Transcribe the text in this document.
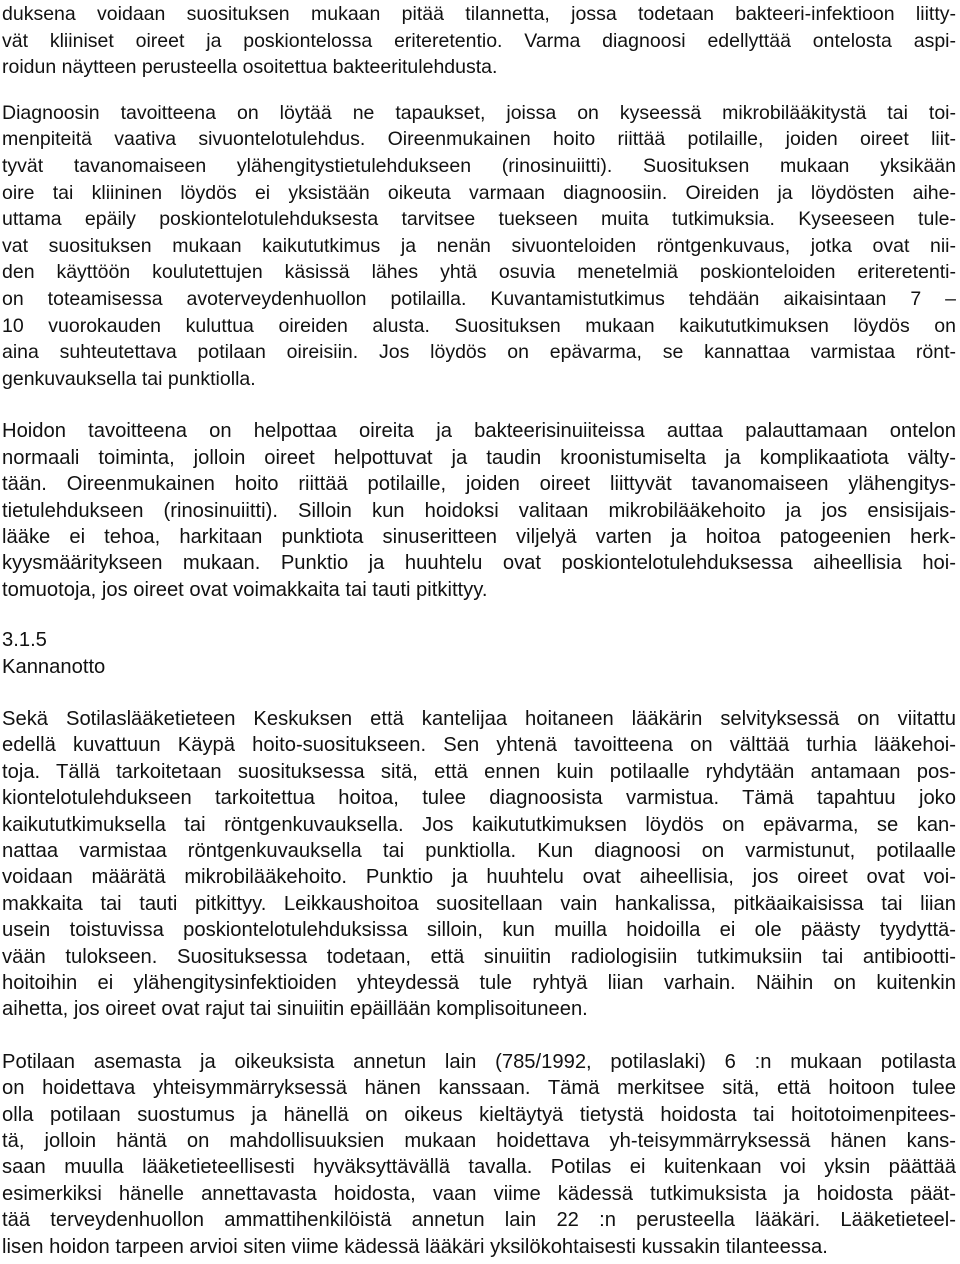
duksena voidaan suosituksen mukaan pitää tilannetta, jossa todetaan bakteeri-infektioon liitty-
vät kliiniset oireet ja poskiontelossa eriteretentio. Varma diagnoosi edellyttää ontelosta aspi-
roidun näytteen perusteella osoitettua bakteeritulehdusta.
Diagnoosin tavoitteena on löytää ne tapaukset, joissa on kyseessä mikrobilääkitystä tai toi-
menpiteitä vaativa sivuontelotulehdus. Oireenmukainen hoito riittää potilaille, joiden oireet liit-
tyvät tavanomaiseen ylähengitystietulehdukseen (rinosinuiitti). Suosituksen mukaan yksikään
oire tai kliininen löydös ei yksistään oikeuta varmaan diagnoosiin. Oireiden ja löydösten aihe-
uttama epäily poskiontelotulehduksesta tarvitsee tuekseen muita tutkimuksia. Kyseeseen tule-
vat suosituksen mukaan kaikututkimus ja nenän sivuonteloiden röntgenkuvaus, jotka ovat nii-
den käyttöön koulutettujen käsissä lähes yhtä osuvia menetelmiä poskionteloiden eriteretenti-
on toteamisessa avoterveydenhuollon potilailla. Kuvantamistutkimus tehdään aikaisintaan 7 –
10 vuorokauden kuluttua oireiden alusta. Suosituksen mukaan kaikututkimuksen löydös on
aina suhteutettava potilaan oireisiin. Jos löydös on epävarma, se kannattaa varmistaa rönt-
genkuvauksella tai punktiolla.
Hoidon tavoitteena on helpottaa oireita ja bakteerisinuiiteissa auttaa palauttamaan ontelon
normaali toiminta, jolloin oireet helpottuvat ja taudin kroonistumiselta ja komplikaatiota välty-
tään. Oireenmukainen hoito riittää potilaille, joiden oireet liittyvät tavanomaiseen ylähengitys-
tietulehdukseen (rinosinuiitti). Silloin kun hoidoksi valitaan mikrobilääkehoito ja jos ensisijais-
lääke ei tehoa, harkitaan punktiota sinuseritteen viljelyä varten ja hoitoa patogeenien herk-
kyysmääritykseen mukaan. Punktio ja huuhtelu ovat poskiontelotulehduksessa aiheellisia hoi-
tomuotoja, jos oireet ovat voimakkaita tai tauti pitkittyy.
3.1.5
Kannanotto
Sekä Sotilaslääketieteen Keskuksen että kantelijaa hoitaneen lääkärin selvityksessä on viitattu
edellä kuvattuun Käypä hoito-suositukseen. Sen yhtenä tavoitteena on välttää turhia lääkehoi-
toja. Tällä tarkoitetaan suosituksessa sitä, että ennen kuin potilaalle ryhdytään antamaan pos-
kiontelotulehdukseen tarkoitettua hoitoa, tulee diagnoosista varmistua. Tämä tapahtuu joko
kaikututkimuksella tai röntgenkuvauksella. Jos kaikututkimuksen löydös on epävarma, se kan-
nattaa varmistaa röntgenkuvauksella tai punktiolla. Kun diagnoosi on varmistunut, potilaalle
voidaan määrätä mikrobilääkehoito. Punktio ja huuhtelu ovat aiheellisia, jos oireet ovat voi-
makkaita tai tauti pitkittyy. Leikkaushoitoa suositellaan vain hankalissa, pitkäaikaisissa tai liian
usein toistuvissa poskiontelotulehduksissa silloin, kun muilla hoidoilla ei ole päästy tyydyttä-
vään tulokseen. Suosituksessa todetaan, että sinuiitin radiologisiin tutkimuksiin tai antibiootti-
hoitoihin ei ylähengitysinfektioiden yhteydessä tule ryhtyä liian varhain. Näihin on kuitenkin
aihetta, jos oireet ovat rajut tai sinuiitin epäillään komplisoituneen.
Potilaan asemasta ja oikeuksista annetun lain (785/1992, potilaslaki) 6 :n mukaan potilasta
on hoidettava yhteisymmärryksessä hänen kanssaan. Tämä merkitsee sitä, että hoitoon tulee
olla potilaan suostumus ja hänellä on oikeus kieltäytyä tietystä hoidosta tai hoitotoimenpitees-
tä, jolloin häntä on mahdollisuuksien mukaan hoidettava yh-teisymmärryksessä hänen kans-
saan muulla lääketieteellisesti hyväksyttävällä tavalla. Potilas ei kuitenkaan voi yksin päättää
esimerkiksi hänelle annettavasta hoidosta, vaan viime kädessä tutkimuksista ja hoidosta päät-
tää terveydenhuollon ammattihenkilöistä annetun lain 22 :n perusteella lääkäri. Lääketieteel-
lisen hoidon tarpeen arvioi siten viime kädessä lääkäri yksilökohtaisesti kussakin tilanteessa.
